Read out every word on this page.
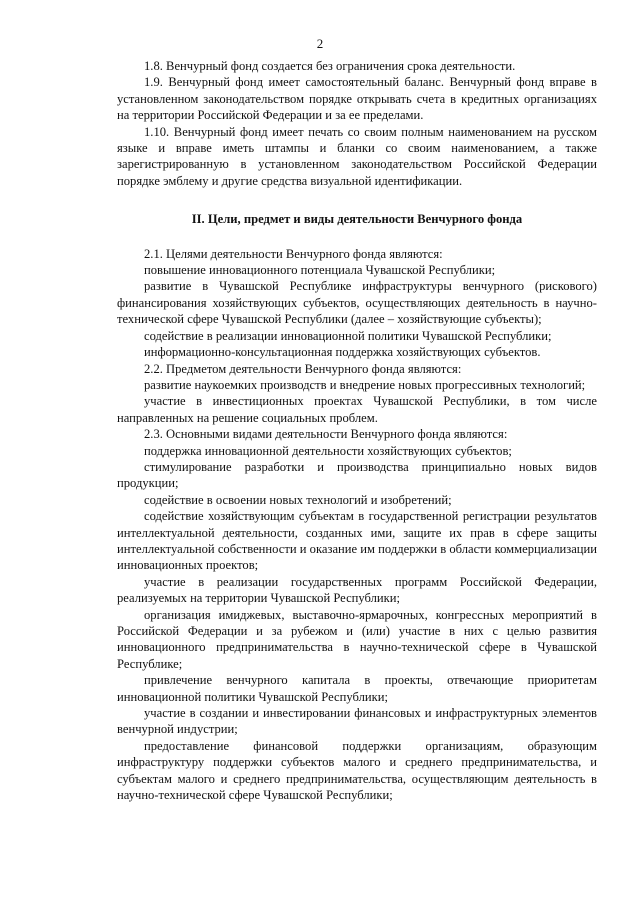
2

1.8. Венчурный фонд создается без ограничения срока деятельности.

1.9. Венчурный фонд имеет самостоятельный баланс. Венчурный фонд вправе в установленном законодательством порядке открывать счета в кредитных организациях на территории Российской Федерации и за ее пределами.

1.10. Венчурный фонд имеет печать со своим полным наименованием на русском языке и вправе иметь штампы и бланки со своим наименованием, а также зарегистрированную в установленном законодательством Российской Федерации порядке эмблему и другие средства визуальной идентификации.

II. Цели, предмет и виды деятельности Венчурного фонда

2.1. Целями деятельности Венчурного фонда являются:

повышение инновационного потенциала Чувашской Республики;

развитие в Чувашской Республике инфраструктуры венчурного (рискового) финансирования хозяйствующих субъектов, осуществляющих деятельность в научно-технической сфере Чувашской Республики (далее – хозяйствующие субъекты);

содействие в реализации инновационной политики Чувашской Республики;

информационно-консультационная поддержка хозяйствующих субъектов.

2.2. Предметом деятельности Венчурного фонда являются:

развитие наукоемких производств и внедрение новых прогрессивных технологий;

участие в инвестиционных проектах Чувашской Республики, в том числе направленных на решение социальных проблем.

2.3. Основными видами деятельности Венчурного фонда являются:

поддержка инновационной деятельности хозяйствующих субъектов;

стимулирование разработки и производства принципиально новых видов продукции;

содействие в освоении новых технологий и изобретений;

содействие хозяйствующим субъектам в государственной регистрации результатов интеллектуальной деятельности, созданных ими, защите их прав в сфере защиты интеллектуальной собственности и оказание им поддержки в области коммерциализации инновационных проектов;

участие в реализации государственных программ Российской Федерации, реализуемых на территории Чувашской Республики;

организация имиджевых, выставочно-ярмарочных, конгрессных мероприятий в Российской Федерации и за рубежом и (или) участие в них с целью развития инновационного предпринимательства в научно-технической сфере в Чувашской Республике;

привлечение венчурного капитала в проекты, отвечающие приоритетам инновационной политики Чувашской Республики;

участие в создании и инвестировании финансовых и инфраструктурных элементов венчурной индустрии;

предоставление финансовой поддержки организациям, образующим инфраструктуру поддержки субъектов малого и среднего предпринимательства, и субъектам малого и среднего предпринимательства, осуществляющим деятельность в научно-технической сфере Чувашской Республики;
